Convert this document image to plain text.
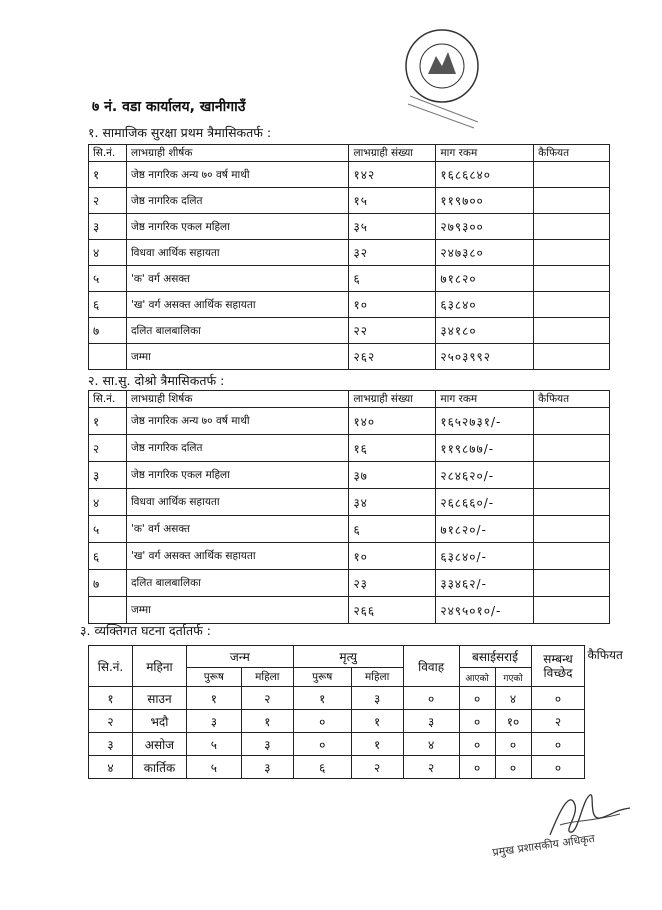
७ नं. वडा कार्यालय, खानीगाउँ
१. सामाजिक सुरक्षा प्रथम त्रैमासिकतर्फ :
सि.नं.	लाभग्राही शीर्षक	लाभग्राही संख्या	माग रकम	कैफियत
१	जेष्ठ नागरिक अन्य ७० वर्ष माथी	१४२	१६८६८४०	
२	जेष्ठ नागरिक दलित	१५	११९७००	
३	जेष्ठ नागरिक एकल महिला	३५	२७९३००	
४	विधवा आर्थिक सहायता	३२	२४७३८०	
५	'क' वर्ग असक्त	६	७१८२०	
६	'ख' वर्ग असक्त आर्थिक सहायता	१०	६३८४०	
७	दलित बालबालिका	२२	३४१८०	
	जम्मा	२६२	२५०३९९२	
२. सा.सु. दोश्रो त्रैमासिकतर्फ :
सि.नं.	लाभग्राही शिर्षक	लाभग्राही संख्या	माग रकम	कैफियत
१	जेष्ठ नागरिक अन्य ७० वर्ष माथी	१४०	१६५२७३१/-	
२	जेष्ठ नागरिक दलित	१६	११९८७७/-	
३	जेष्ठ नागरिक एकल महिला	३७	२८४६२०/-	
४	विधवा आर्थिक सहायता	३४	२६८६६०/-	
५	'क' वर्ग असक्त	६	७१८२०/-	
६	'ख' वर्ग असक्त आर्थिक सहायता	१०	६३८४०/-	
७	दलित बालबालिका	२३	३३४६२/-	
	जम्मा	२६६	२४९५०१०/-	
३. व्यक्तिगत घटना दर्तातर्फ :
सि.नं.	महिना	जन्म		मृत्यु		विवाह	बसाईसराई		सम्बन्ध विच्छेद	कैफियत
		पुरूष	महिला	पुरूष	महिला		आएको	गएको		
१	साउन	१	२	१	३	०	०	४	०	
२	भदौ	३	१	०	१	३	०	१०	२	
३	असोज	५	३	०	१	४	०	०	०	
४	कार्तिक	५	३	६	२	२	०	०	०	
प्रमुख प्रशासकीय अधिकृत
